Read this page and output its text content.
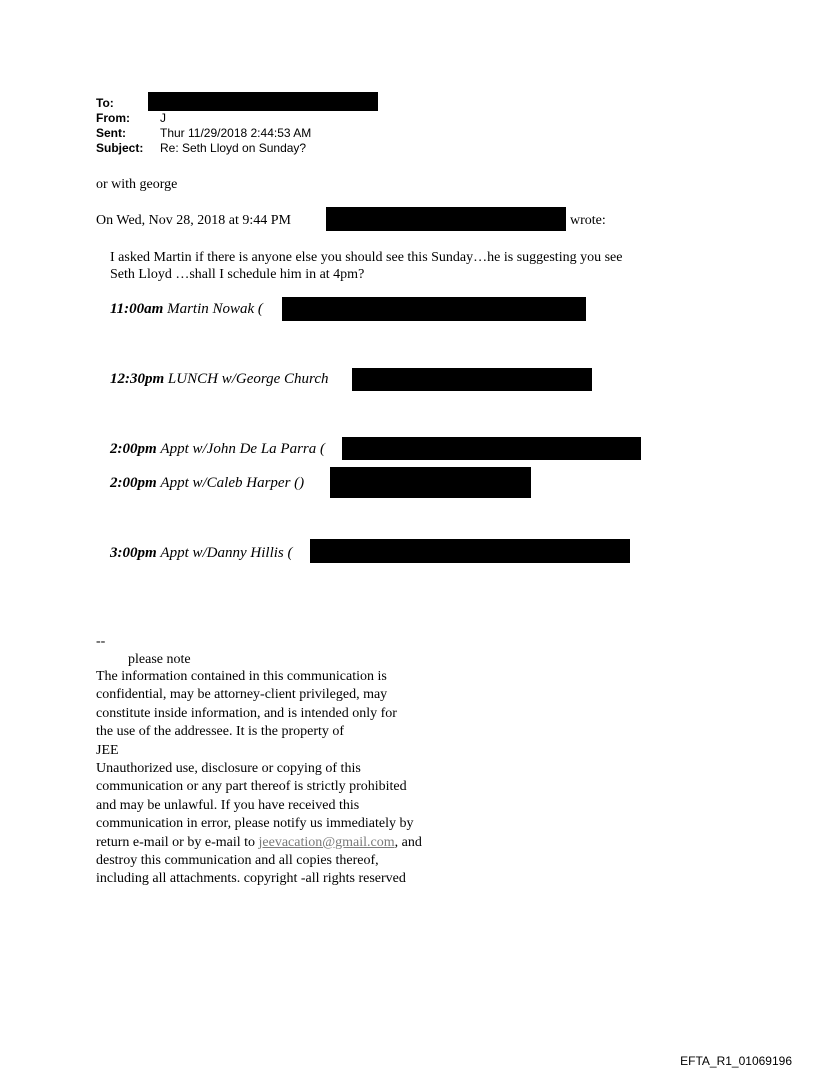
To:
From:	J
Sent:	Thur 11/29/2018 2:44:53 AM
Subject: Re: Seth Lloyd on Sunday?
or with george
On Wed, Nov 28, 2018 at 9:44 PM	wrote:
I asked Martin if there is anyone else you should see this Sunday…he is suggesting you see
Seth Lloyd …shall I schedule him in at 4pm?
11:00am Martin Nowak (
12:30pm LUNCH w/George Church
2:00pm Appt w/John De La Parra (
2:00pm Appt w/Caleb Harper ()
3:00pm Appt w/Danny Hillis (
--
please note
The information contained in this communication is
confidential, may be attorney-client privileged, may
constitute inside information, and is intended only for
the use of the addressee. It is the property of
JEE
Unauthorized use, disclosure or copying of this
communication or any part thereof is strictly prohibited
and may be unlawful. If you have received this
communication in error, please notify us immediately by
return e-mail or by e-mail to jeevacation@gmail.com, and
destroy this communication and all copies thereof,
including all attachments. copyright -all rights reserved
EFTA_R1_01069196
